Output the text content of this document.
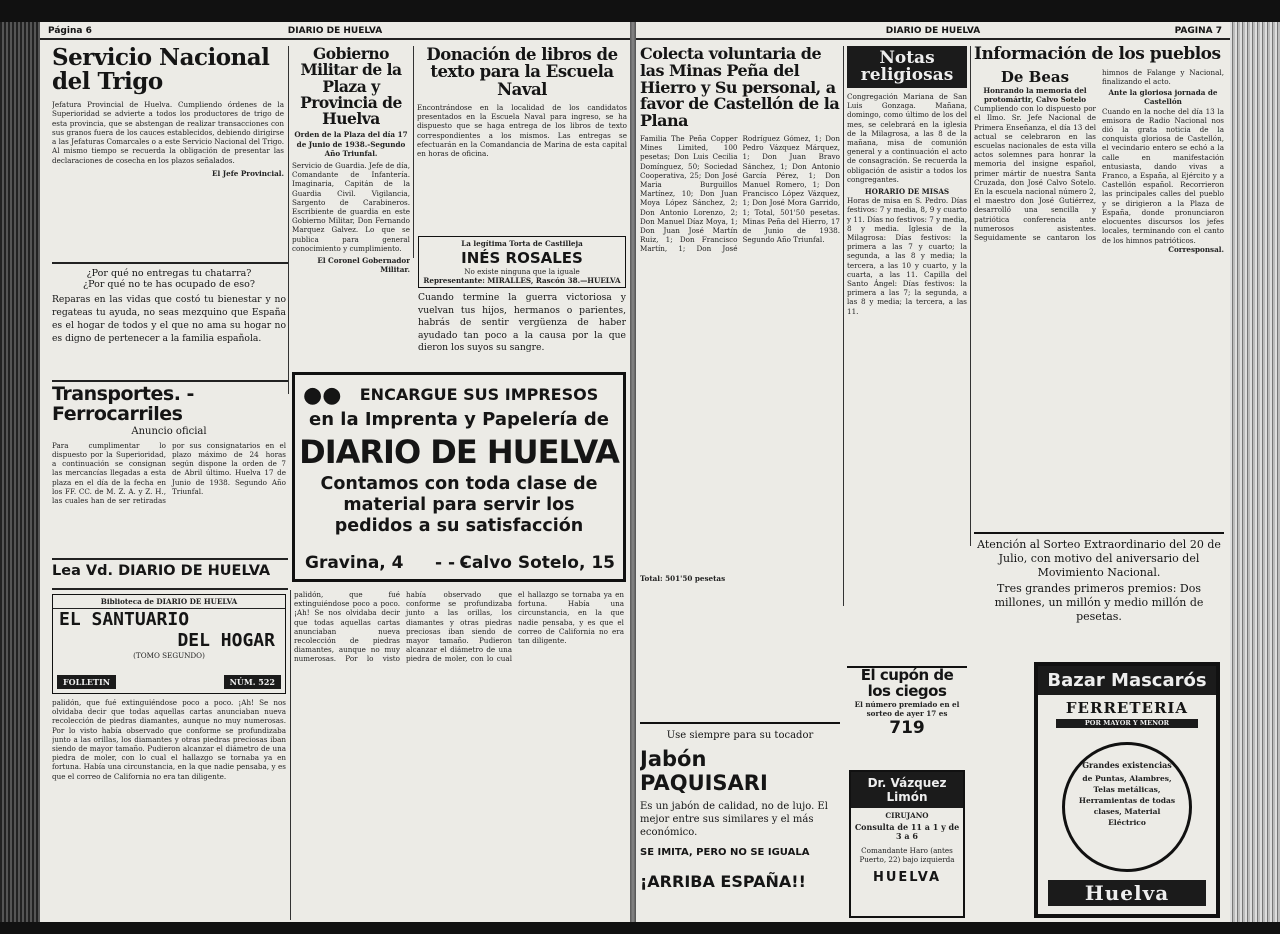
Página 6	DIARIO DE HUELVA
Servicio Nacional del Trigo
Jefatura Provincial de Huelva. Cumpliendo órdenes de la Superioridad se advierte a todos los productores de trigo de esta provincia, que se abstengan de realizar transacciones con sus granos fuera de los cauces establecidos, debiendo dirigirse a las Jefaturas Comarcales o a este Servicio Nacional del Trigo. Al mismo tiempo se recuerda la obligación de presentar las declaraciones de cosecha en los plazos señalados.
El Jefe Provincial.
Gobierno Militar de la Plaza y Provincia de Huelva
Orden de la Plaza del día 17 de Junio de 1938.-Segundo Año Triunfal.
Servicio de Guardia. Jefe de día, Comandante de Infantería. Imaginaria, Capitán de la Guardia Civil. Vigilancia, Sargento de Carabineros. Escribiente de guardia en este Gobierno Militar, Don Fernando Marquez Galvez. Lo que se publica para general conocimiento y cumplimiento.
El Coronel Gobernador Militar.
Donación de libros de texto para la Escuela Naval
Encontrándose en la localidad de los candidatos presentados en la Escuela Naval para ingreso, se ha dispuesto que se haga entrega de los libros de texto correspondientes a los mismos. Las entregas se efectuarán en la Comandancia de Marina de esta capital en horas de oficina.
La legítima Torta de Castilleja
INÉS ROSALES
No existe ninguna que la iguale
Representante: MIRALLES, Rascón 38.—HUELVA
¿Por qué no entregas tu chatarra?
¿Por qué no te has ocupado de eso?
Reparas en las vidas que costó tu bienestar y no regateas tu ayuda, no seas mezquino que España es el hogar de todos y el que no ama su hogar no es digno de pertenecer a la familia española.
Cuando termine la guerra victoriosa y vuelvan tus hijos, hermanos o parientes, habrás de sentir vergüenza de haber ayudado tan poco a la causa por la que dieron los suyos su sangre.
Transportes. - Ferrocarriles
Anuncio oficial
Para cumplimentar lo dispuesto por la Superioridad, a continuación se consignan las mercancías llegadas a esta plaza en el día de la fecha en los FF. CC. de M. Z. A. y Z. H., las cuales han de ser retiradas por sus consignatarios en el plazo máximo de 24 horas según dispone la orden de 7 de Abril último. Huelva 17 de Junio de 1938. Segundo Año Triunfal.
Lea Vd. DIARIO DE HUELVA
●●	ENCARGUE SUS IMPRESOS
en la Imprenta y Papelería de
DIARIO DE HUELVA
Contamos con toda clase de material para servir los pedidos a su satisfacción
Gravina, 4 - - -
Calvo Sotelo, 15
Biblioteca de DIARIO DE HUELVA
EL SANTUARIO
DEL HOGAR
(TOMO SEGUNDO)
FOLLETIN	NÚM. 522
palidón, que fué extinguiéndose poco a poco. ¡Ah! Se nos olvidaba decir que todas aquellas cartas anunciaban nueva recolección de piedras diamantes, aunque no muy numerosas. Por lo visto había observado que conforme se profundizaba junto a las orillas, los diamantes y otras piedras preciosas iban siendo de mayor tamaño. Pudieron alcanzar el diámetro de una piedra de moler, con lo cual el hallazgo se tornaba ya en fortuna. Había una circunstancia, en la que nadie pensaba, y es que el correo de California no era tan diligente.
palidón, que fué extinguiéndose poco a poco. ¡Ah! Se nos olvidaba decir que todas aquellas cartas anunciaban nueva recolección de piedras diamantes, aunque no muy numerosas. Por lo visto había observado que conforme se profundizaba junto a las orillas, los diamantes y otras piedras preciosas iban siendo de mayor tamaño. Pudieron alcanzar el diámetro de una piedra de moler, con lo cual el hallazgo se tornaba ya en fortuna. Había una circunstancia, en la que nadie pensaba, y es que el correo de California no era tan diligente.
DIARIO DE HUELVA	PAGINA 7
Colecta voluntaria de las Minas Peña del Hierro y Su personal, a favor de Castellón de la Plana
Familia The Peña Copper Mines Limited, 100 pesetas; Don Luis Cecilia Domínguez, 50; Sociedad Cooperativa, 25; Don José Maria Burguillos Martínez, 10; Don Juan Moya López Sánchez, 2; Don Antonio Lorenzo, 2; Don Manuel Díaz Moya, 1; Don Juan José Martín Ruiz, 1; Don Francisco Martín, 1; Don José Rodríguez Gómez, 1; Don Pedro Vázquez Márquez, 1; Don Juan Bravo Sánchez, 1; Don Antonio García Pérez, 1; Don Manuel Romero, 1; Don Francisco López Vázquez, 1; Don José Mora Garrido, 1; Total, 501'50 pesetas. Minas Peña del Hierro, 17 de Junio de 1938. Segundo Año Triunfal.
Total: 501'50 pesetas
Notas religiosas
Congregación Mariana de San Luis Gonzaga. Mañana, domingo, como último de los del mes, se celebrará en la iglesia de la Milagrosa, a las 8 de la mañana, misa de comunión general y a continuación el acto de consagración. Se recuerda la obligación de asistir a todos los congregantes.
HORARIO DE MISAS
Horas de misa en S. Pedro. Días festivos: 7 y media, 8, 9 y cuarto y 11. Días no festivos: 7 y media, 8 y media. Iglesia de la Milagrosa: Días festivos: la primera a las 7 y cuarto; la segunda, a las 8 y media; la tercera, a las 10 y cuarto, y la cuarta, a las 11. Capilla del Santo Ángel: Días festivos: la primera a las 7; la segunda, a las 8 y media; la tercera, a las 11.
El cupón de los ciegos
El número premiado en el sorteo de ayer 17 es
719
Dr. Vázquez Limón
CIRUJANO
Consulta de 11 a 1 y de 3 a 6
Comandante Haro (antes Puerto, 22) bajo izquierda
HUELVA
Información de los pueblos
De Beas
Honrando la memoria del protomártir, Calvo Sotelo
Cumpliendo con lo dispuesto por el Ilmo. Sr. Jefe Nacional de Primera Enseñanza, el día 13 del actual se celebraron en las escuelas nacionales de esta villa actos solemnes para honrar la memoria del insigne español, primer mártir de nuestra Santa Cruzada, don José Calvo Sotelo. En la escuela nacional número 2, el maestro don José Gutiérrez, desarrolló una sencilla y patriótica conferencia ante numerosos asistentes. Seguidamente se cantaron los himnos de Falange y Nacional, finalizando el acto.
Ante la gloriosa jornada de Castellón
Cuando en la noche del día 13 la emisora de Radio Nacional nos dió la grata noticia de la conquista gloriosa de Castellón, el vecindario entero se echó a la calle en manifestación entusiasta, dando vivas a Franco, a España, al Ejército y a Castellón español. Recorrieron las principales calles del pueblo y se dirigieron a la Plaza de España, donde pronunciaron elocuentes discursos los jefes locales, terminando con el canto de los himnos patrióticos.
Corresponsal.
Atención al Sorteo Extraordinario del 20 de Julio, con motivo del aniversario del Movimiento Nacional.
Tres grandes primeros premios: Dos millones, un millón y medio millón de pesetas.
Use siempre para su tocador
Jabón PAQUISARI
Es un jabón de calidad, no de lujo. El mejor entre sus similares y el más económico.
SE IMITA, PERO NO SE IGUALA
¡ARRIBA ESPAÑA!!
Bazar Mascarós
FERRETERIA
POR MAYOR Y MENOR
Grandes existencias
de Puntas, Alambres, Telas metálicas, Herramientas de todas clases, Material Eléctrico
Huelva
